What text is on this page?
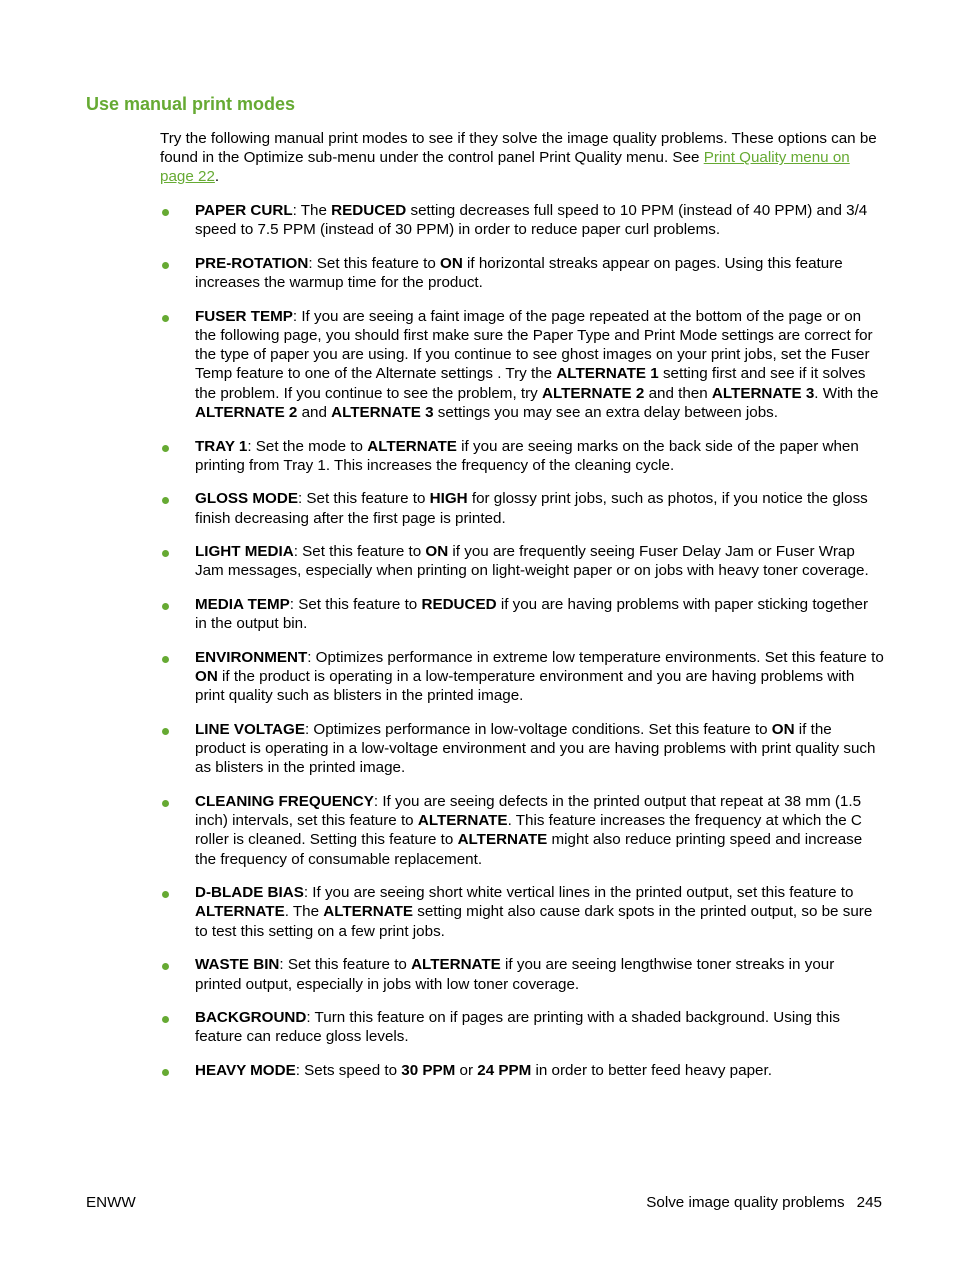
Use manual print modes

Try the following manual print modes to see if they solve the image quality problems. These options can be found in the Optimize sub-menu under the control panel Print Quality menu. See Print Quality menu on page 22.

PAPER CURL: The REDUCED setting decreases full speed to 10 PPM (instead of 40 PPM) and 3/4 speed to 7.5 PPM (instead of 30 PPM) in order to reduce paper curl problems.
PRE-ROTATION: Set this feature to ON if horizontal streaks appear on pages. Using this feature increases the warmup time for the product.
FUSER TEMP: If you are seeing a faint image of the page repeated at the bottom of the page or on the following page, you should first make sure the Paper Type and Print Mode settings are correct for the type of paper you are using. If you continue to see ghost images on your print jobs, set the Fuser Temp feature to one of the Alternate settings . Try the ALTERNATE 1 setting first and see if it solves the problem. If you continue to see the problem, try ALTERNATE 2 and then ALTERNATE 3. With the ALTERNATE 2 and ALTERNATE 3 settings you may see an extra delay between jobs.
TRAY 1: Set the mode to ALTERNATE if you are seeing marks on the back side of the paper when printing from Tray 1. This increases the frequency of the cleaning cycle.
GLOSS MODE: Set this feature to HIGH for glossy print jobs, such as photos, if you notice the gloss finish decreasing after the first page is printed.
LIGHT MEDIA: Set this feature to ON if you are frequently seeing Fuser Delay Jam or Fuser Wrap Jam messages, especially when printing on light-weight paper or on jobs with heavy toner coverage.
MEDIA TEMP: Set this feature to REDUCED if you are having problems with paper sticking together in the output bin.
ENVIRONMENT: Optimizes performance in extreme low temperature environments. Set this feature to ON if the product is operating in a low-temperature environment and you are having problems with print quality such as blisters in the printed image.
LINE VOLTAGE: Optimizes performance in low-voltage conditions. Set this feature to ON if the product is operating in a low-voltage environment and you are having problems with print quality such as blisters in the printed image.
CLEANING FREQUENCY: If you are seeing defects in the printed output that repeat at 38 mm (1.5 inch) intervals, set this feature to ALTERNATE. This feature increases the frequency at which the C roller is cleaned. Setting this feature to ALTERNATE might also reduce printing speed and increase the frequency of consumable replacement.
D-BLADE BIAS: If you are seeing short white vertical lines in the printed output, set this feature to ALTERNATE. The ALTERNATE setting might also cause dark spots in the printed output, so be sure to test this setting on a few print jobs.
WASTE BIN: Set this feature to ALTERNATE if you are seeing lengthwise toner streaks in your printed output, especially in jobs with low toner coverage.
BACKGROUND: Turn this feature on if pages are printing with a shaded background. Using this feature can reduce gloss levels.
HEAVY MODE: Sets speed to 30 PPM or 24 PPM in order to better feed heavy paper.
ENWW	Solve image quality problems 245
